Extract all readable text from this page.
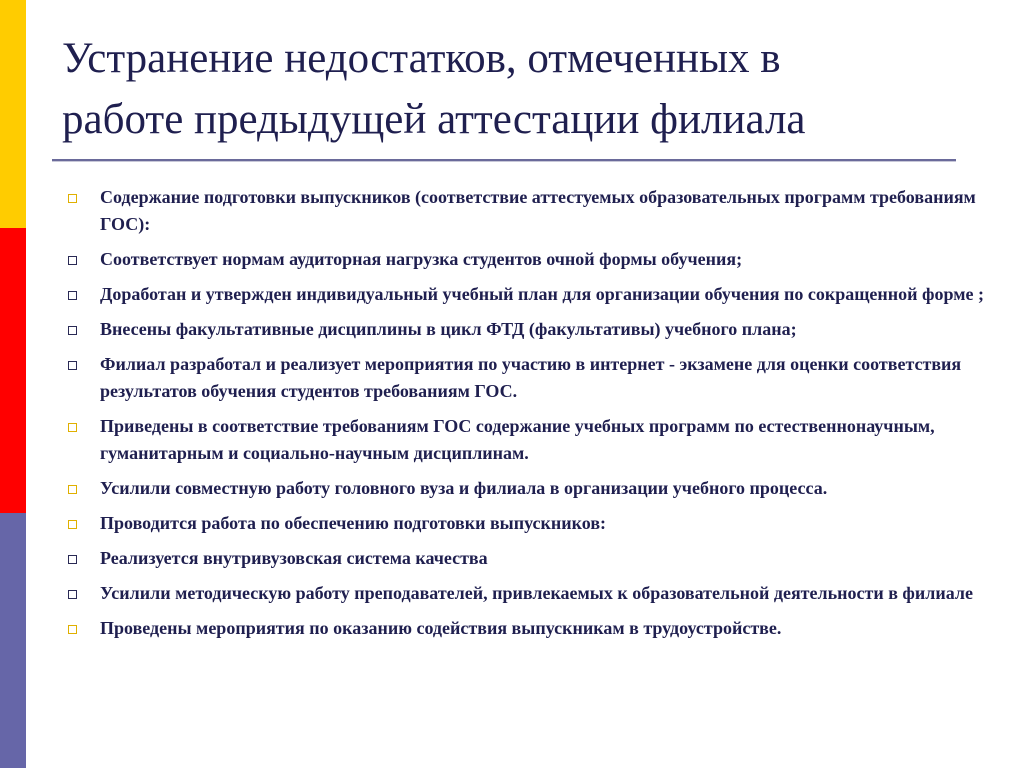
Устранение недостатков, отмеченных в
работе предыдущей аттестации филиала
Содержание подготовки выпускников (соответствие аттестуемых образовательных программ требованиям ГОС):
Соответствует нормам аудиторная нагрузка студентов очной формы обучения;
Доработан и утвержден индивидуальный учебный план для организации обучения по сокращенной форме ;
Внесены факультативные дисциплины в цикл ФТД (факультативы) учебного плана;
Филиал разработал и реализует мероприятия по участию в интернет - экзамене для оценки соответствия результатов обучения студентов требованиям ГОС.
Приведены в соответствие требованиям ГОС содержание учебных программ по естественнонаучным, гуманитарным и социально-научным дисциплинам.
Усилили совместную работу головного вуза и филиала в организации учебного процесса.
Проводится работа по обеспечению подготовки выпускников:
Реализуется внутривузовская система качества
Усилили методическую работу преподавателей, привлекаемых к образовательной деятельности в филиале
Проведены мероприятия по оказанию содействия выпускникам в трудоустройстве.
